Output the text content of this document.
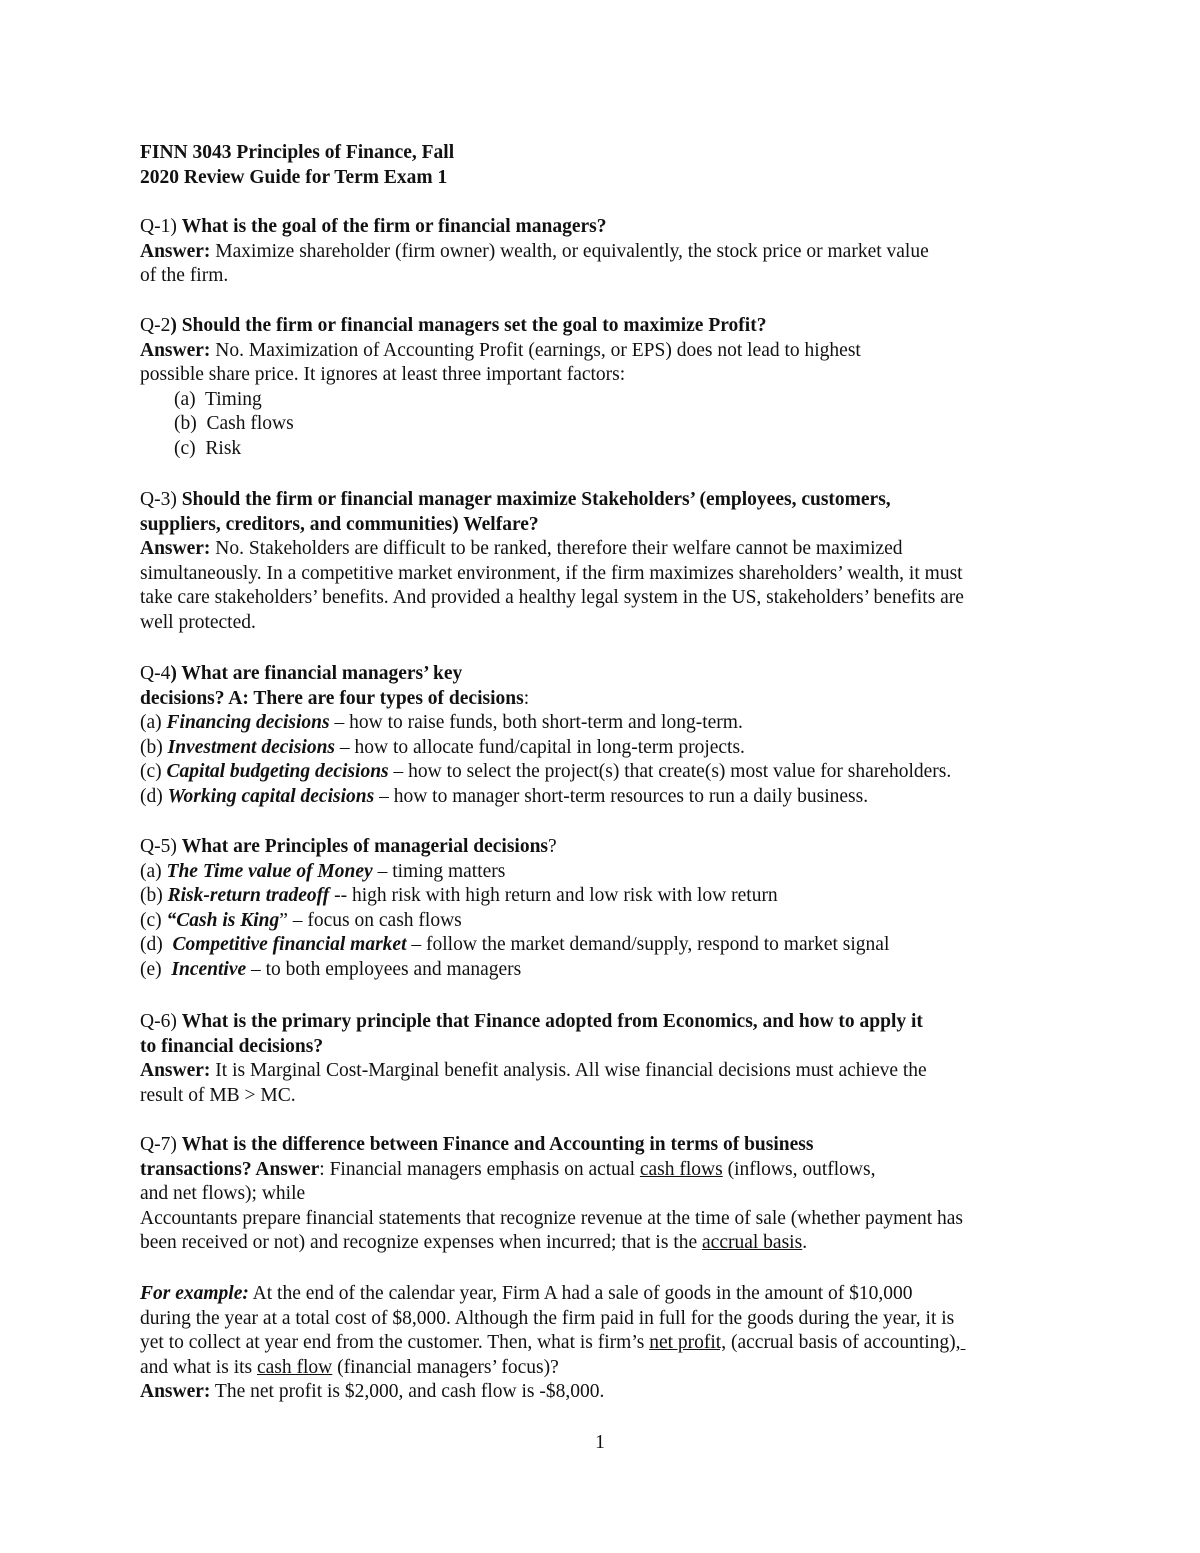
FINN 3043 Principles of Finance, Fall
2020 Review Guide for Term Exam 1
Q-1) What is the goal of the firm or financial managers?
Answer: Maximize shareholder (firm owner) wealth, or equivalently, the stock price or market value
of the firm.
Q-2) Should the firm or financial managers set the goal to maximize Profit?
Answer: No. Maximization of Accounting Profit (earnings, or EPS) does not lead to highest
possible share price. It ignores at least three important factors:
(a)  Timing
(b)  Cash flows
(c)  Risk
Q-3) Should the firm or financial manager maximize Stakeholders’ (employees, customers,
suppliers, creditors, and communities) Welfare?
Answer: No. Stakeholders are difficult to be ranked, therefore their welfare cannot be maximized
simultaneously. In a competitive market environment, if the firm maximizes shareholders’ wealth, it must
take care stakeholders’ benefits. And provided a healthy legal system in the US, stakeholders’ benefits are
well protected.
Q-4) What are financial managers’ key
decisions? A: There are four types of decisions:
(a) Financing decisions – how to raise funds, both short-term and long-term.
(b) Investment decisions – how to allocate fund/capital in long-term projects.
(c) Capital budgeting decisions – how to select the project(s) that create(s) most value for shareholders.
(d) Working capital decisions – how to manager short-term resources to run a daily business.
Q-5) What are Principles of managerial decisions?
(a) The Time value of Money – timing matters
(b) Risk-return tradeoff -- high risk with high return and low risk with low return
(c) “Cash is King” – focus on cash flows
(d)  Competitive financial market – follow the market demand/supply, respond to market signal
(e)  Incentive – to both employees and managers
Q-6) What is the primary principle that Finance adopted from Economics, and how to apply it
to financial decisions?
Answer: It is Marginal Cost-Marginal benefit analysis. All wise financial decisions must achieve the
result of MB > MC.
Q-7) What is the difference between Finance and Accounting in terms of business
transactions? Answer: Financial managers emphasis on actual cash flows (inflows, outflows,
and net flows); while
Accountants prepare financial statements that recognize revenue at the time of sale (whether payment has
been received or not) and recognize expenses when incurred; that is the accrual basis.
For example: At the end of the calendar year, Firm A had a sale of goods in the amount of $10,000
during the year at a total cost of $8,000. Although the firm paid in full for the goods during the year, it is
yet to collect at year end from the customer. Then, what is firm’s net profit, (accrual basis of accounting),
and what is its cash flow (financial managers’ focus)?
Answer: The net profit is $2,000, and cash flow is -$8,000.
1
